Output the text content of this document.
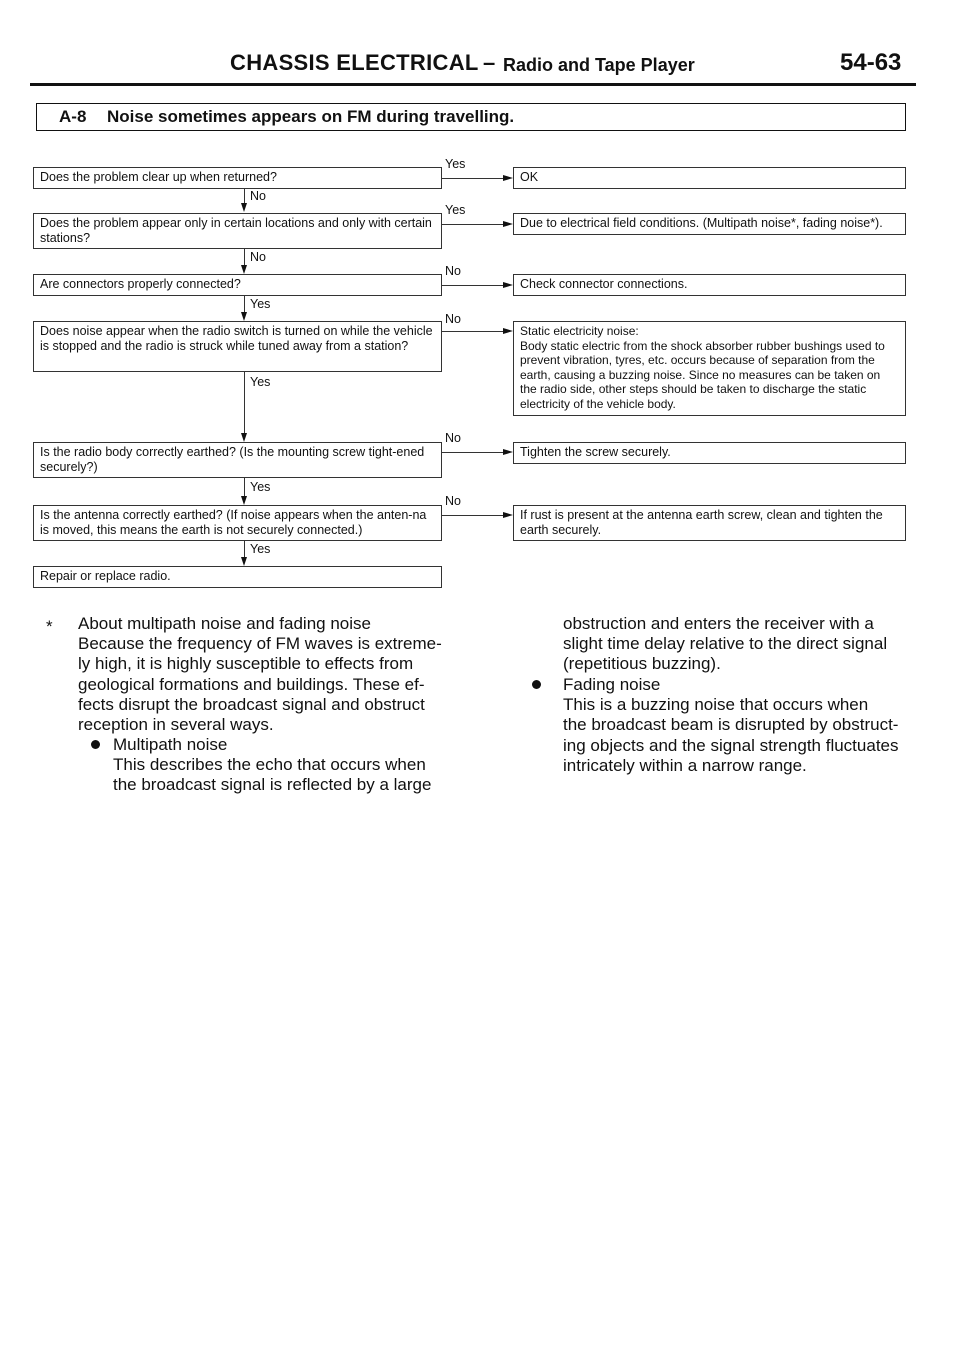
CHASSIS ELECTRICAL – Radio and Tape Player	54-63
A-8 Noise sometimes appears on FM during travelling.
Does the problem clear up when returned?
Does the problem appear only in certain locations and only with certain stations?
Are connectors properly connected?
Does noise appear when the radio switch is turned on while the vehicle is stopped and the radio is struck while tuned away from a station?
Is the radio body correctly earthed? (Is the mounting screw tight-ened securely?)
Is the antenna correctly earthed? (If noise appears when the anten-na is moved, this means the earth is not securely connected.)
Repair or replace radio.
OK
Due to electrical field conditions. (Multipath noise*, fading noise*).
Check connector connections.
Static electricity noise:
Body static electric from the shock absorber rubber bushings used to prevent vibration, tyres, etc. occurs because of separation from the earth, causing a buzzing noise. Since no measures can be taken on the radio side, other steps should be taken to discharge the static electricity of the vehicle body.
Tighten the screw securely.
If rust is present at the antenna earth screw, clean and tighten the earth securely.
Yes
Yes
No
No
No
No
No
No
Yes
Yes
Yes
Yes
* About multipath noise and fading noise
Because the frequency of FM waves is extreme-
ly high, it is highly susceptible to effects from
geological formations and buildings. These ef-
fects disrupt the broadcast signal and obstruct
reception in several ways.
Multipath noise
This describes the echo that occurs when
the broadcast signal is reflected by a large
obstruction and enters the receiver with a
slight time delay relative to the direct signal
(repetitious buzzing).
Fading noise
This is a buzzing noise that occurs when
the broadcast beam is disrupted by obstruct-
ing objects and the signal strength fluctuates
intricately within a narrow range.
